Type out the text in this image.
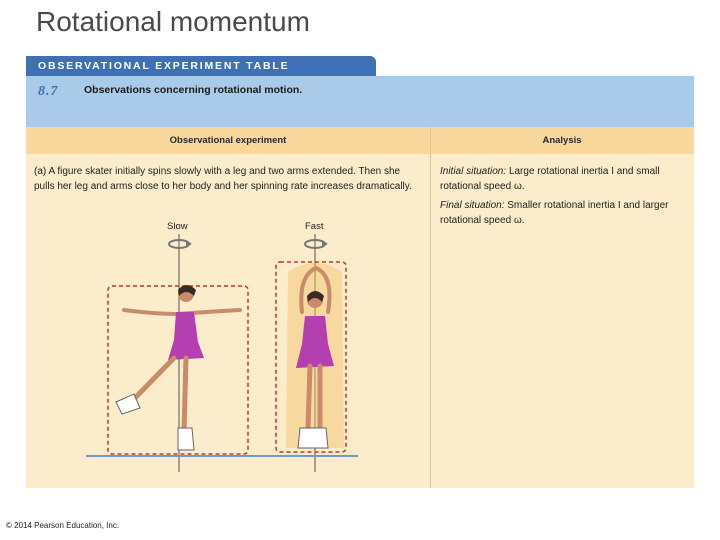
Rotational momentum
OBSERVATIONAL EXPERIMENT TABLE
8.7 Observations concerning rotational motion.
Observational experiment	Analysis
(a) A figure skater initially spins slowly with a leg and two arms extended. Then she pulls her leg and arms close to her body and her spinning rate increases dramatically.

Initial situation: Large rotational inertia I and small rotational speed ω.

Final situation: Smaller rotational inertia I and larger rotational speed ω.

Slow	Fast
© 2014 Pearson Education, Inc.
